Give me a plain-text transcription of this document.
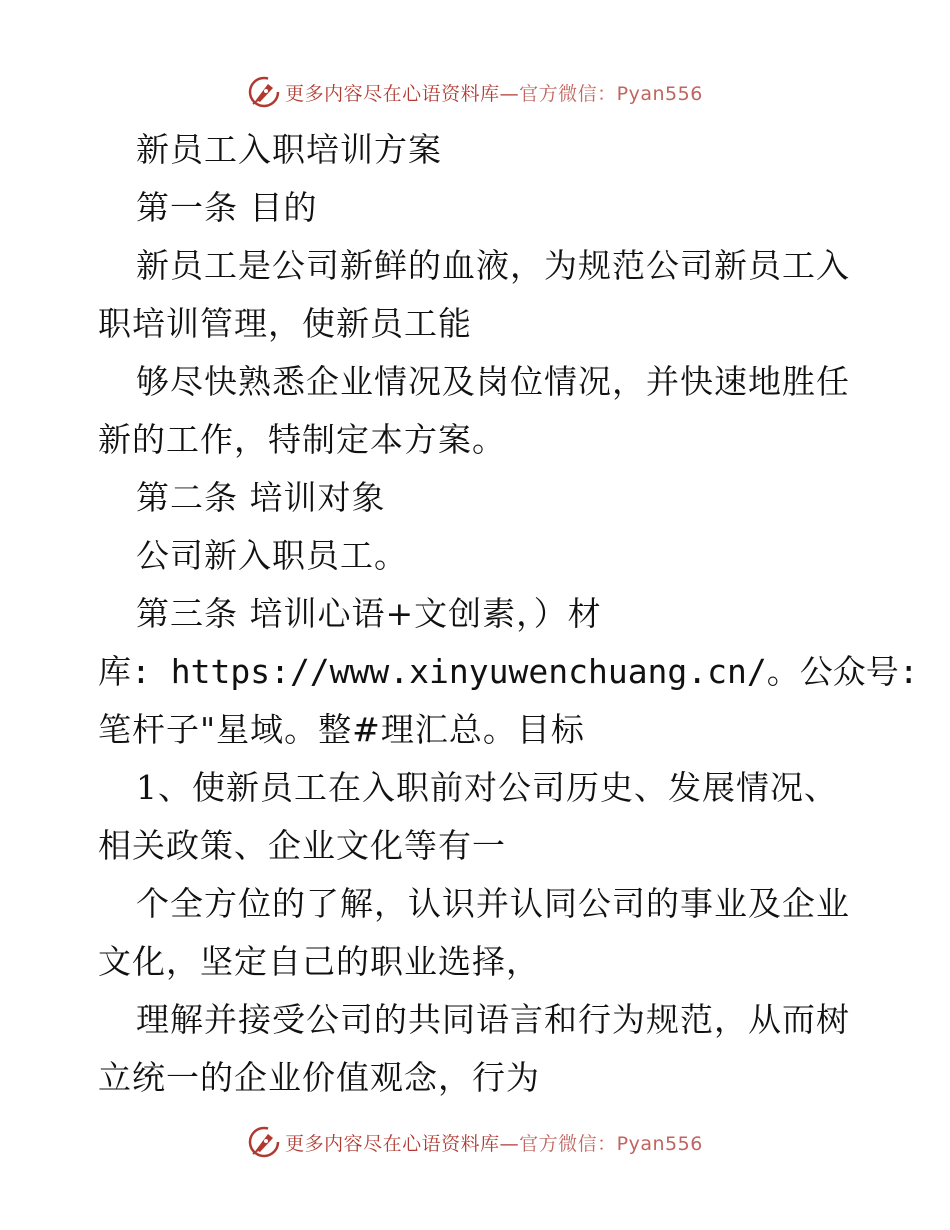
更多内容尽在心语资料库—官方微信：Pyan556
新员工入职培训方案
第一条 目的
新员工是公司新鲜的血液，为规范公司新员工入
职培训管理，使新员工能
够尽快熟悉企业情况及岗位情况，并快速地胜任
新的工作，特制定本方案。
第二条 培训对象
公司新入职员工。
第三条 培训心语+文创素，）材
库: https://www.xinyuwenchuang.cn/。公众号:
笔杆子"星域。整#理汇总。目标
1、使新员工在入职前对公司历史、发展情况、
相关政策、企业文化等有一
个全方位的了解，认识并认同公司的事业及企业
文化，坚定自己的职业选择，
理解并接受公司的共同语言和行为规范，从而树
立统一的企业价值观念，行为
更多内容尽在心语资料库—官方微信：Pyan556
